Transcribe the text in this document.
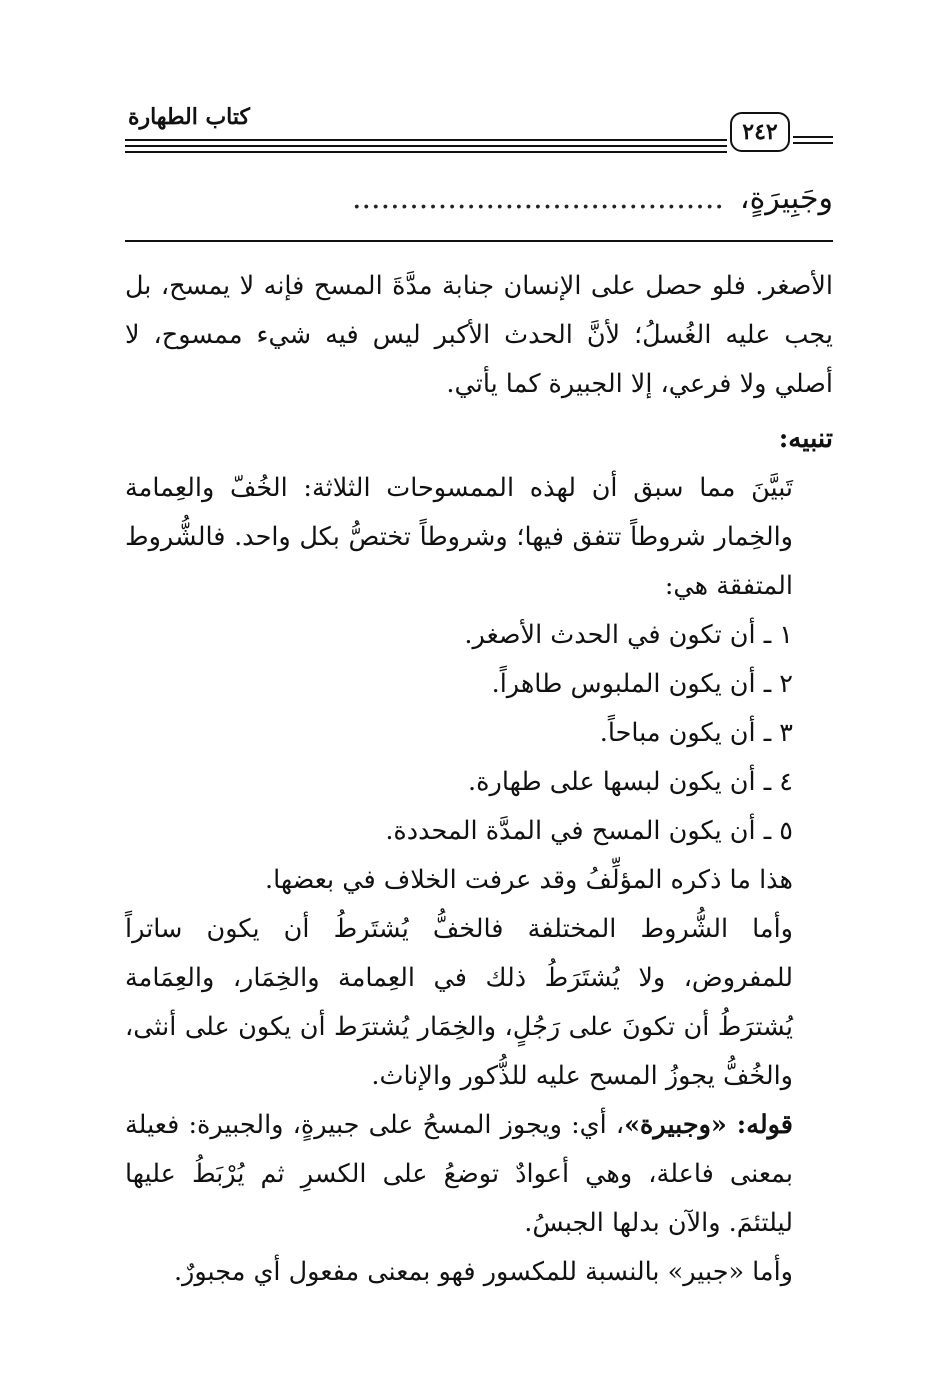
كتاب الطهارة
٢٤٢
وجَبِيرَةٍ،.......................................

الأصغر. فلو حصل على الإنسان جنابة مدَّةَ المسح فإنه لا يمسح، بل يجب عليه الغُسلُ؛ لأنَّ الحدث الأكبر ليس فيه شيء ممسوح، لا أصلي ولا فرعي، إلا الجبيرة كما يأتي.

تنبيه:

تَبيَّنَ مما سبق أن لهذه الممسوحات الثلاثة: الخُفّ والعِمامة والخِمار شروطاً تتفق فيها؛ وشروطاً تختصُّ بكل واحد. فالشُّروط المتفقة هي:

١ ـ أن تكون في الحدث الأصغر.

٢ ـ أن يكون الملبوس طاهراً.

٣ ـ أن يكون مباحاً.

٤ ـ أن يكون لبسها على طهارة.

٥ ـ أن يكون المسح في المدَّة المحددة.

هذا ما ذكره المؤلِّفُ وقد عرفت الخلاف في بعضها.

وأما الشُّروط المختلفة فالخفُّ يُشتَرطُ أن يكون ساتراً للمفروض، ولا يُشتَرَطُ ذلك في العِمامة والخِمَار، والعِمَامة يُشترَطُ أن تكونَ على رَجُلٍ، والخِمَار يُشترَط أن يكون على أنثى، والخُفُّ يجوزُ المسح عليه للذُّكور والإناث.

قوله: «وجبيرة»، أي: ويجوز المسحُ على جبيرةٍ، والجبيرة: فعيلة بمعنى فاعلة، وهي أعوادٌ توضعُ على الكسرِ ثم يُرْبَطُ عليها ليلتئمَ. والآن بدلها الجبسُ.

وأما «جبير» بالنسبة للمكسور فهو بمعنى مفعول أي مجبورٌ.
